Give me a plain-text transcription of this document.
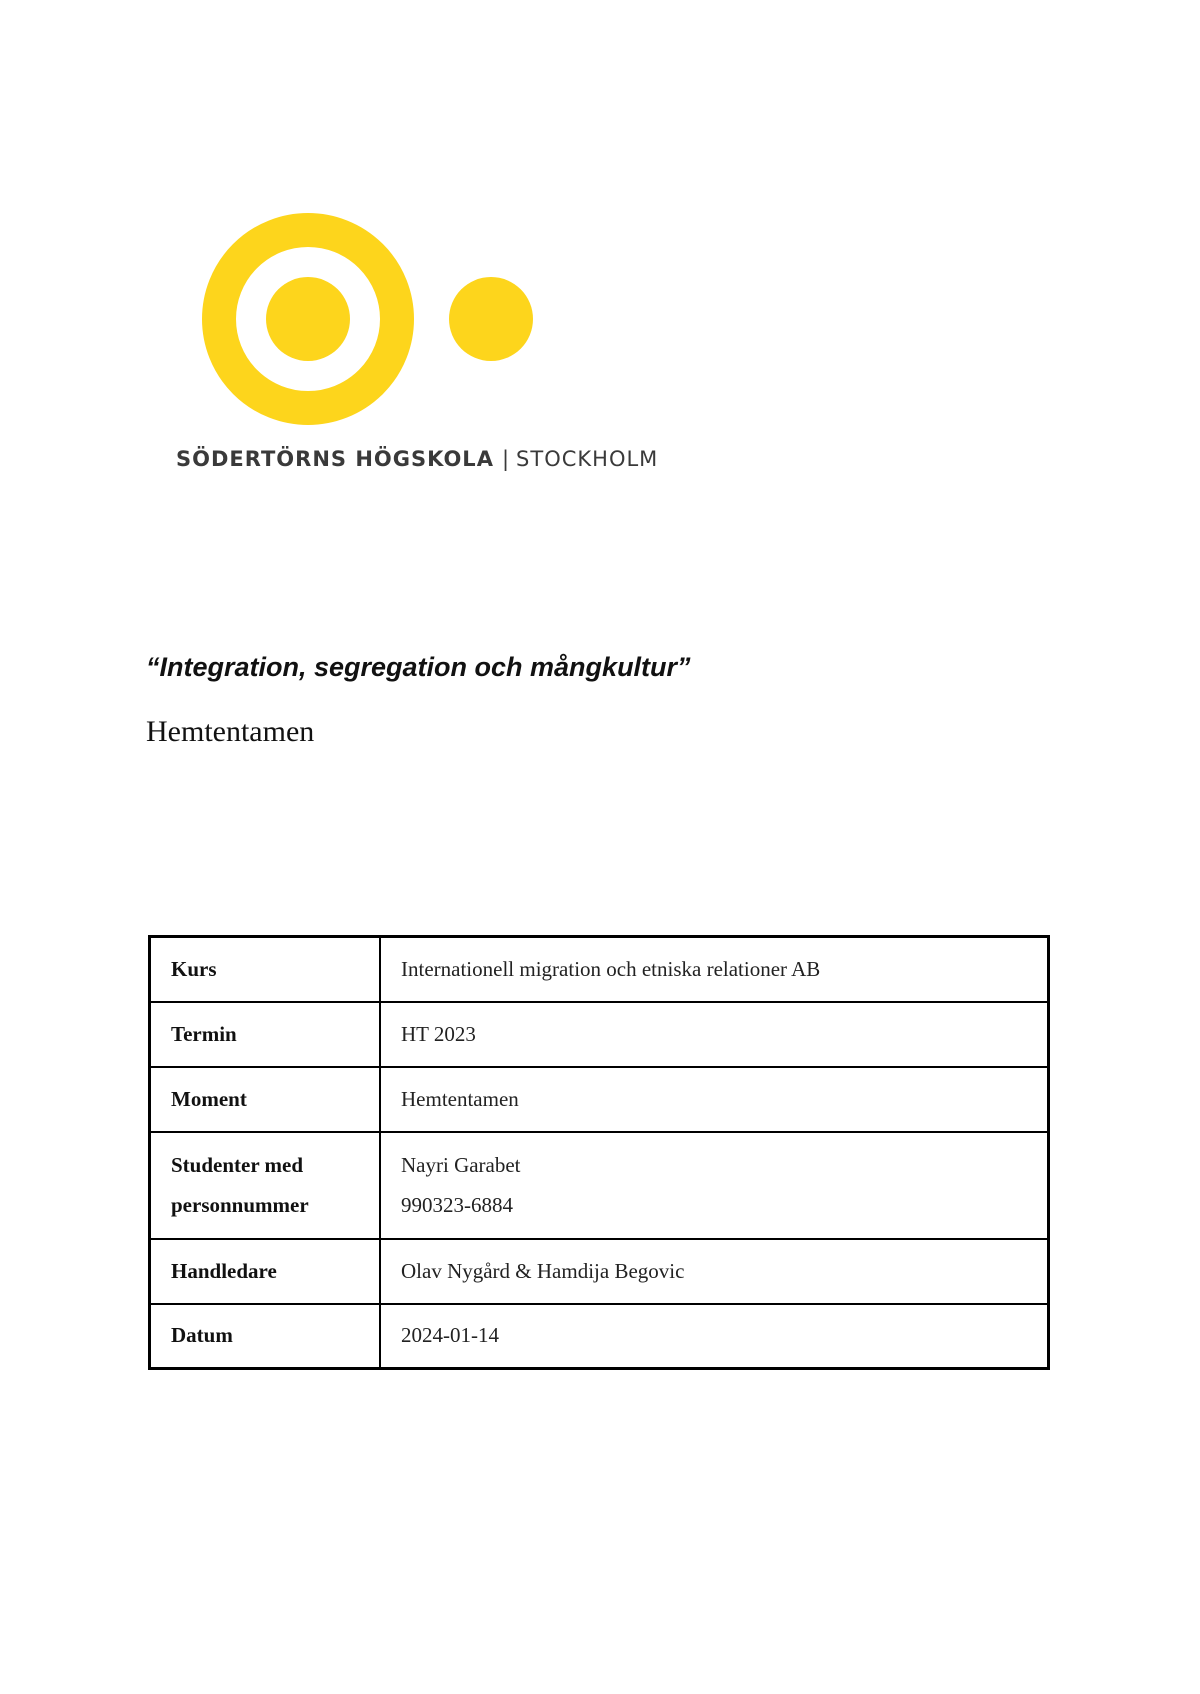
SÖDERTÖRNS HÖGSKOLA | STOCKHOLM
“Integration, segregation och mångkultur”
Hemtentamen
Kurs	Internationell migration och etniska relationer AB
Termin	HT 2023
Moment	Hemtentamen

Studenter med
personnummer	Nayri Garabet
990323-6884

Handledare	Olav Nygård & Hamdija Begovic
Datum	2024-01-14
